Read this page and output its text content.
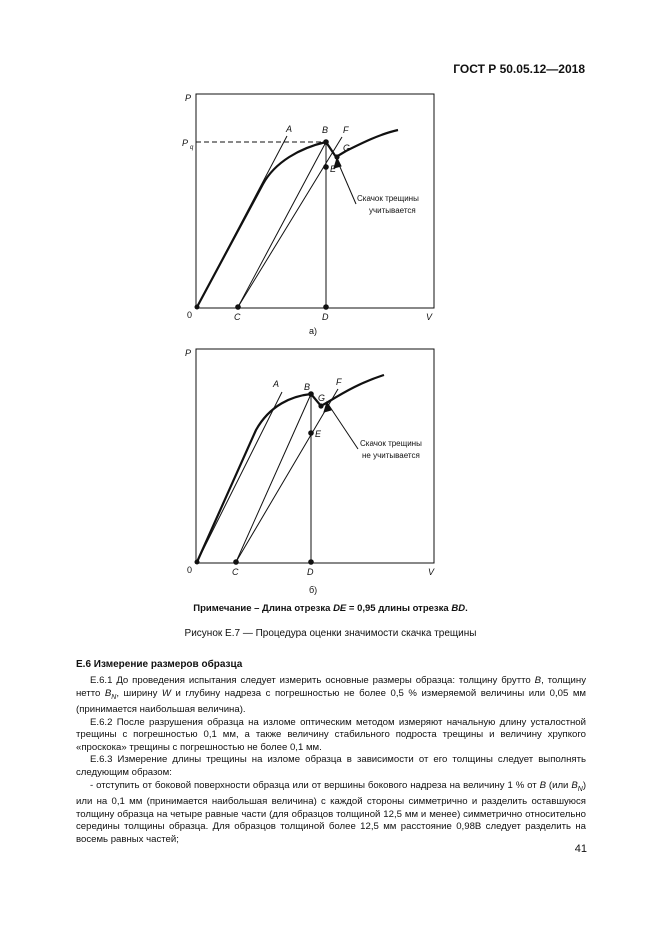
ГОСТ Р 50.05.12—2018
P
P q
0
A	B F
G
E
C	D	V
а)
Скачок трещины
учитывается
P
0
A	B	F
G
E
C	D	V
б)
Скачок трещины
не учитывается
Примечание – Длина отрезка DE = 0,95 длины отрезка BD.
Рисунок Е.7 — Процедура оценки значимости скачка трещины
Е.6 Измерение размеров образца

Е.6.1 До проведения испытания следует измерить основные размеры образца: толщину брутто B, толщину нетто $B_N$, ширину W и глубину надреза с погрешностью не более 0,5 % измеряемой величины или 0,05 мм (принимается наибольшая величина).

Е.6.2 После разрушения образца на изломе оптическим методом измеряют начальную длину усталостной трещины с погрешностью 0,1 мм, а также величину стабильного подроста трещины и величину хрупкого «проскока» трещины с погрешностью не более 0,1 мм.

Е.6.3 Измерение длины трещины на изломе образца в зависимости от его толщины следует выполнять следующим образом:

- отступить от боковой поверхности образца или от вершины бокового надреза на величину 1 % от B (или $B_N$) или на 0,1 мм (принимается наибольшая величина) с каждой стороны симметрично и разделить оставшуюся толщину образца на четыре равные части (для образцов толщиной 12,5 мм и менее) симметрично относительно середины толщины образца. Для образцов толщиной более 12,5 мм расстояние 0,98В следует разделить на восемь равных частей;

41
